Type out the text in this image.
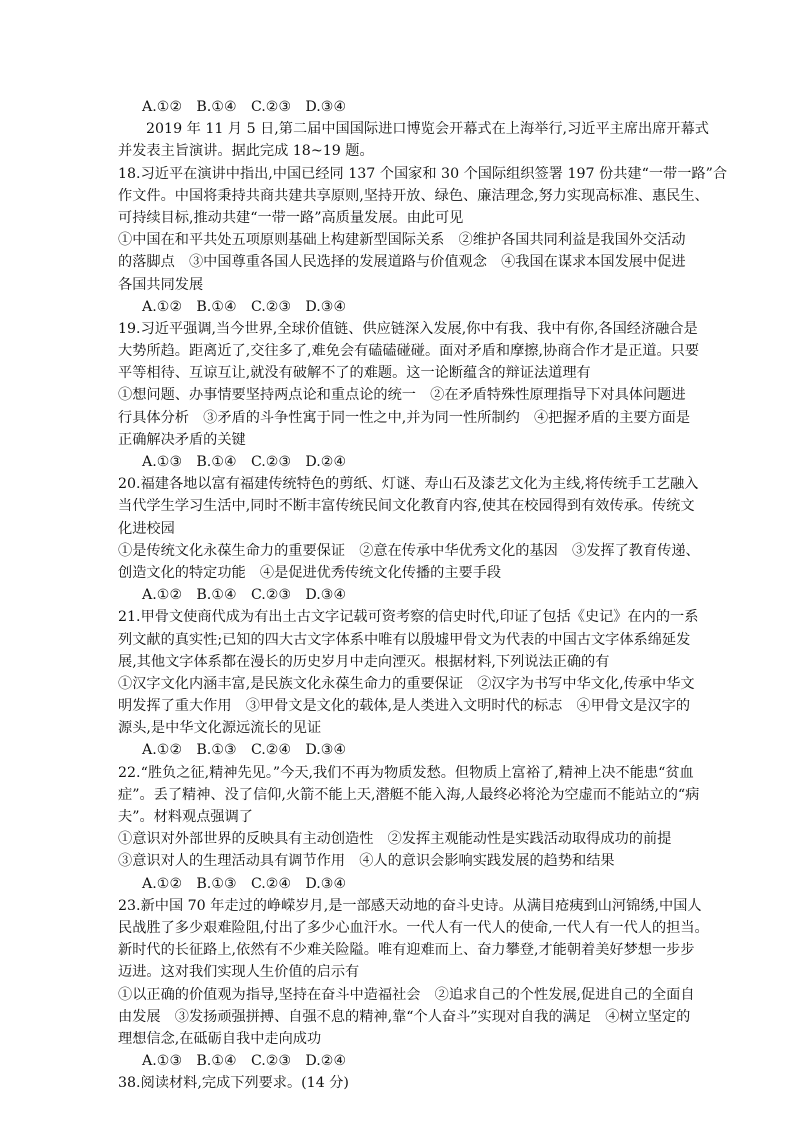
A.①②　B.①④　C.②③　D.③④
2019 年 11 月 5 日,第二届中国国际进口博览会开幕式在上海举行,习近平主席出席开幕式
并发表主旨演讲。据此完成 18~19 题。
18.习近平在演讲中指出,中国已经同 137 个国家和 30 个国际组织签署 197 份共建“一带一路”合
作文件。中国将秉持共商共建共享原则,坚持开放、绿色、廉洁理念,努力实现高标准、惠民生、
可持续目标,推动共建“一带一路”高质量发展。由此可见
①中国在和平共处五项原则基础上构建新型国际关系　②维护各国共同利益是我国外交活动
的落脚点　③中国尊重各国人民选择的发展道路与价值观念　④我国在谋求本国发展中促进
各国共同发展
A.①②　B.①④　C.②③　D.③④
19.习近平强调,当今世界,全球价值链、供应链深入发展,你中有我、我中有你,各国经济融合是
大势所趋。距离近了,交往多了,难免会有磕磕碰碰。面对矛盾和摩擦,协商合作才是正道。只要
平等相待、互谅互让,就没有破解不了的难题。这一论断蕴含的辩证法道理有
①想问题、办事情要坚持两点论和重点论的统一　②在矛盾特殊性原理指导下对具体问题进
行具体分析　③矛盾的斗争性寓于同一性之中,并为同一性所制约　④把握矛盾的主要方面是
正确解决矛盾的关键
A.①③　B.①④　C.②③　D.②④
20.福建各地以富有福建传统特色的剪纸、灯谜、寿山石及漆艺文化为主线,将传统手工艺融入
当代学生学习生活中,同时不断丰富传统民间文化教育内容,使其在校园得到有效传承。传统文
化进校园
①是传统文化永葆生命力的重要保证　②意在传承中华优秀文化的基因　③发挥了教育传递、
创造文化的特定功能　④是促进优秀传统文化传播的主要手段
A.①②　B.①④　C.②③　D.③④
21.甲骨文使商代成为有出土古文字记载可资考察的信史时代,印证了包括《史记》在内的一系
列文献的真实性;已知的四大古文字体系中唯有以殷墟甲骨文为代表的中国古文字体系绵延发
展,其他文字体系都在漫长的历史岁月中走向湮灭。根据材料,下列说法正确的有
①汉字文化内涵丰富,是民族文化永葆生命力的重要保证　②汉字为书写中华文化,传承中华文
明发挥了重大作用　③甲骨文是文化的载体,是人类进入文明时代的标志　④甲骨文是汉字的
源头,是中华文化源远流长的见证
A.①②　B.①③　C.②④　D.③④
22.“胜负之征,精神先见。”今天,我们不再为物质发愁。但物质上富裕了,精神上决不能患“贫血
症”。丢了精神、没了信仰,火箭不能上天,潜艇不能入海,人最终必将沦为空虚而不能站立的“病
夫”。材料观点强调了
①意识对外部世界的反映具有主动创造性　②发挥主观能动性是实践活动取得成功的前提
③意识对人的生理活动具有调节作用　④人的意识会影响实践发展的趋势和结果
A.①②　B.①③　C.②④　D.③④
23.新中国 70 年走过的峥嵘岁月,是一部感天动地的奋斗史诗。从满目疮痍到山河锦绣,中国人
民战胜了多少艰难险阻,付出了多少心血汗水。一代人有一代人的使命,一代人有一代人的担当。
新时代的长征路上,依然有不少难关险隘。唯有迎难而上、奋力攀登,才能朝着美好梦想一步步
迈进。这对我们实现人生价值的启示有
①以正确的价值观为指导,坚持在奋斗中造福社会　②追求自己的个性发展,促进自己的全面自
由发展　③发扬顽强拼搏、自强不息的精神,靠“个人奋斗”实现对自我的满足　④树立坚定的
理想信念,在砥砺自我中走向成功
A.①③　B.①④　C.②③　D.②④
38.阅读材料,完成下列要求。(14 分)
